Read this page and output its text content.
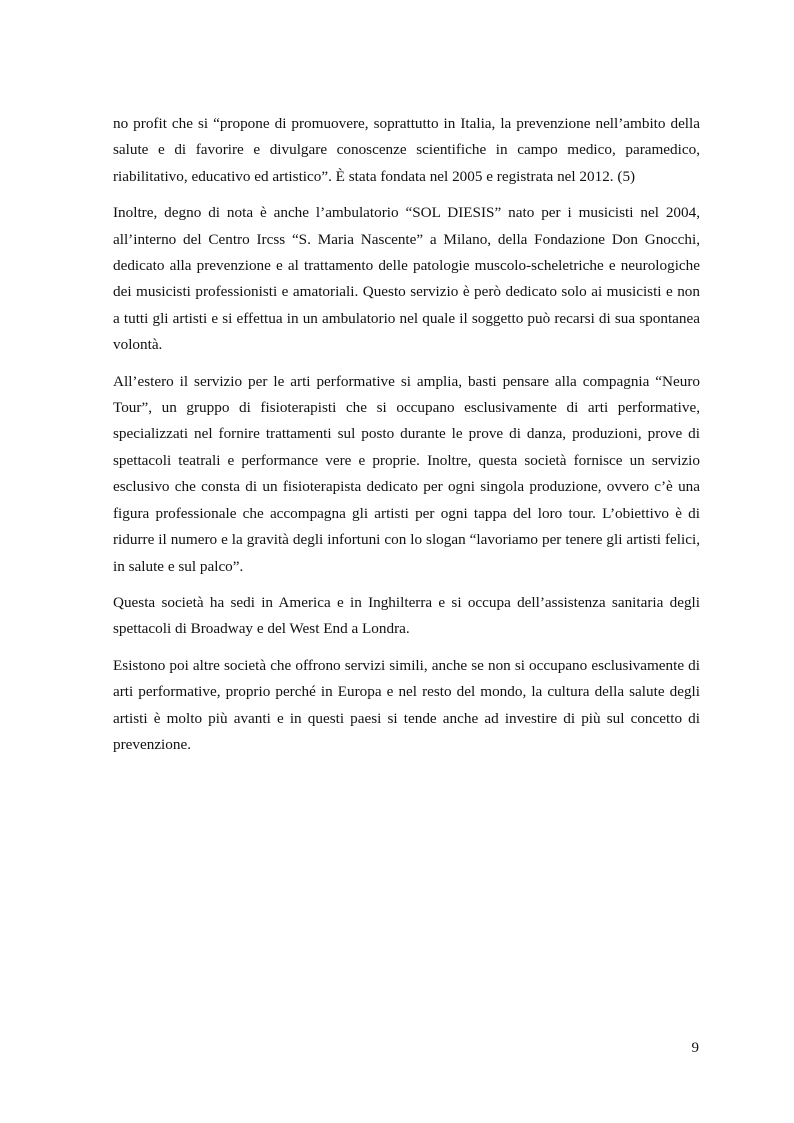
no profit che si “propone di promuovere, soprattutto in Italia, la prevenzione nell’ambito della salute e di favorire e divulgare conoscenze scientifiche in campo medico, paramedico, riabilitativo, educativo ed artistico”. È stata fondata nel 2005 e registrata nel 2012. (5)

Inoltre, degno di nota è anche l’ambulatorio “SOL DIESIS” nato per i musicisti nel 2004, all’interno del Centro Ircss “S. Maria Nascente” a Milano, della Fondazione Don Gnocchi, dedicato alla prevenzione e al trattamento delle patologie muscolo-scheletriche e neurologiche dei musicisti professionisti e amatoriali. Questo servizio è però dedicato solo ai musicisti e non a tutti gli artisti e si effettua in un ambulatorio nel quale il soggetto può recarsi di sua spontanea volontà.

All’estero il servizio per le arti performative si amplia, basti pensare alla compagnia “Neuro Tour”, un gruppo di fisioterapisti che si occupano esclusivamente di arti performative, specializzati nel fornire trattamenti sul posto durante le prove di danza, produzioni, prove di spettacoli teatrali e performance vere e proprie. Inoltre, questa società fornisce un servizio esclusivo che consta di un fisioterapista dedicato per ogni singola produzione, ovvero c’è una figura professionale che accompagna gli artisti per ogni tappa del loro tour. L’obiettivo è di ridurre il numero e la gravità degli infortuni con lo slogan “lavoriamo per tenere gli artisti felici, in salute e sul palco”.

Questa società ha sedi in America e in Inghilterra e si occupa dell’assistenza sanitaria degli spettacoli di Broadway e del West End a Londra.

Esistono poi altre società che offrono servizi simili, anche se non si occupano esclusivamente di arti performative, proprio perché in Europa e nel resto del mondo, la cultura della salute degli artisti è molto più avanti e in questi paesi si tende anche ad investire di più sul concetto di prevenzione.

9
